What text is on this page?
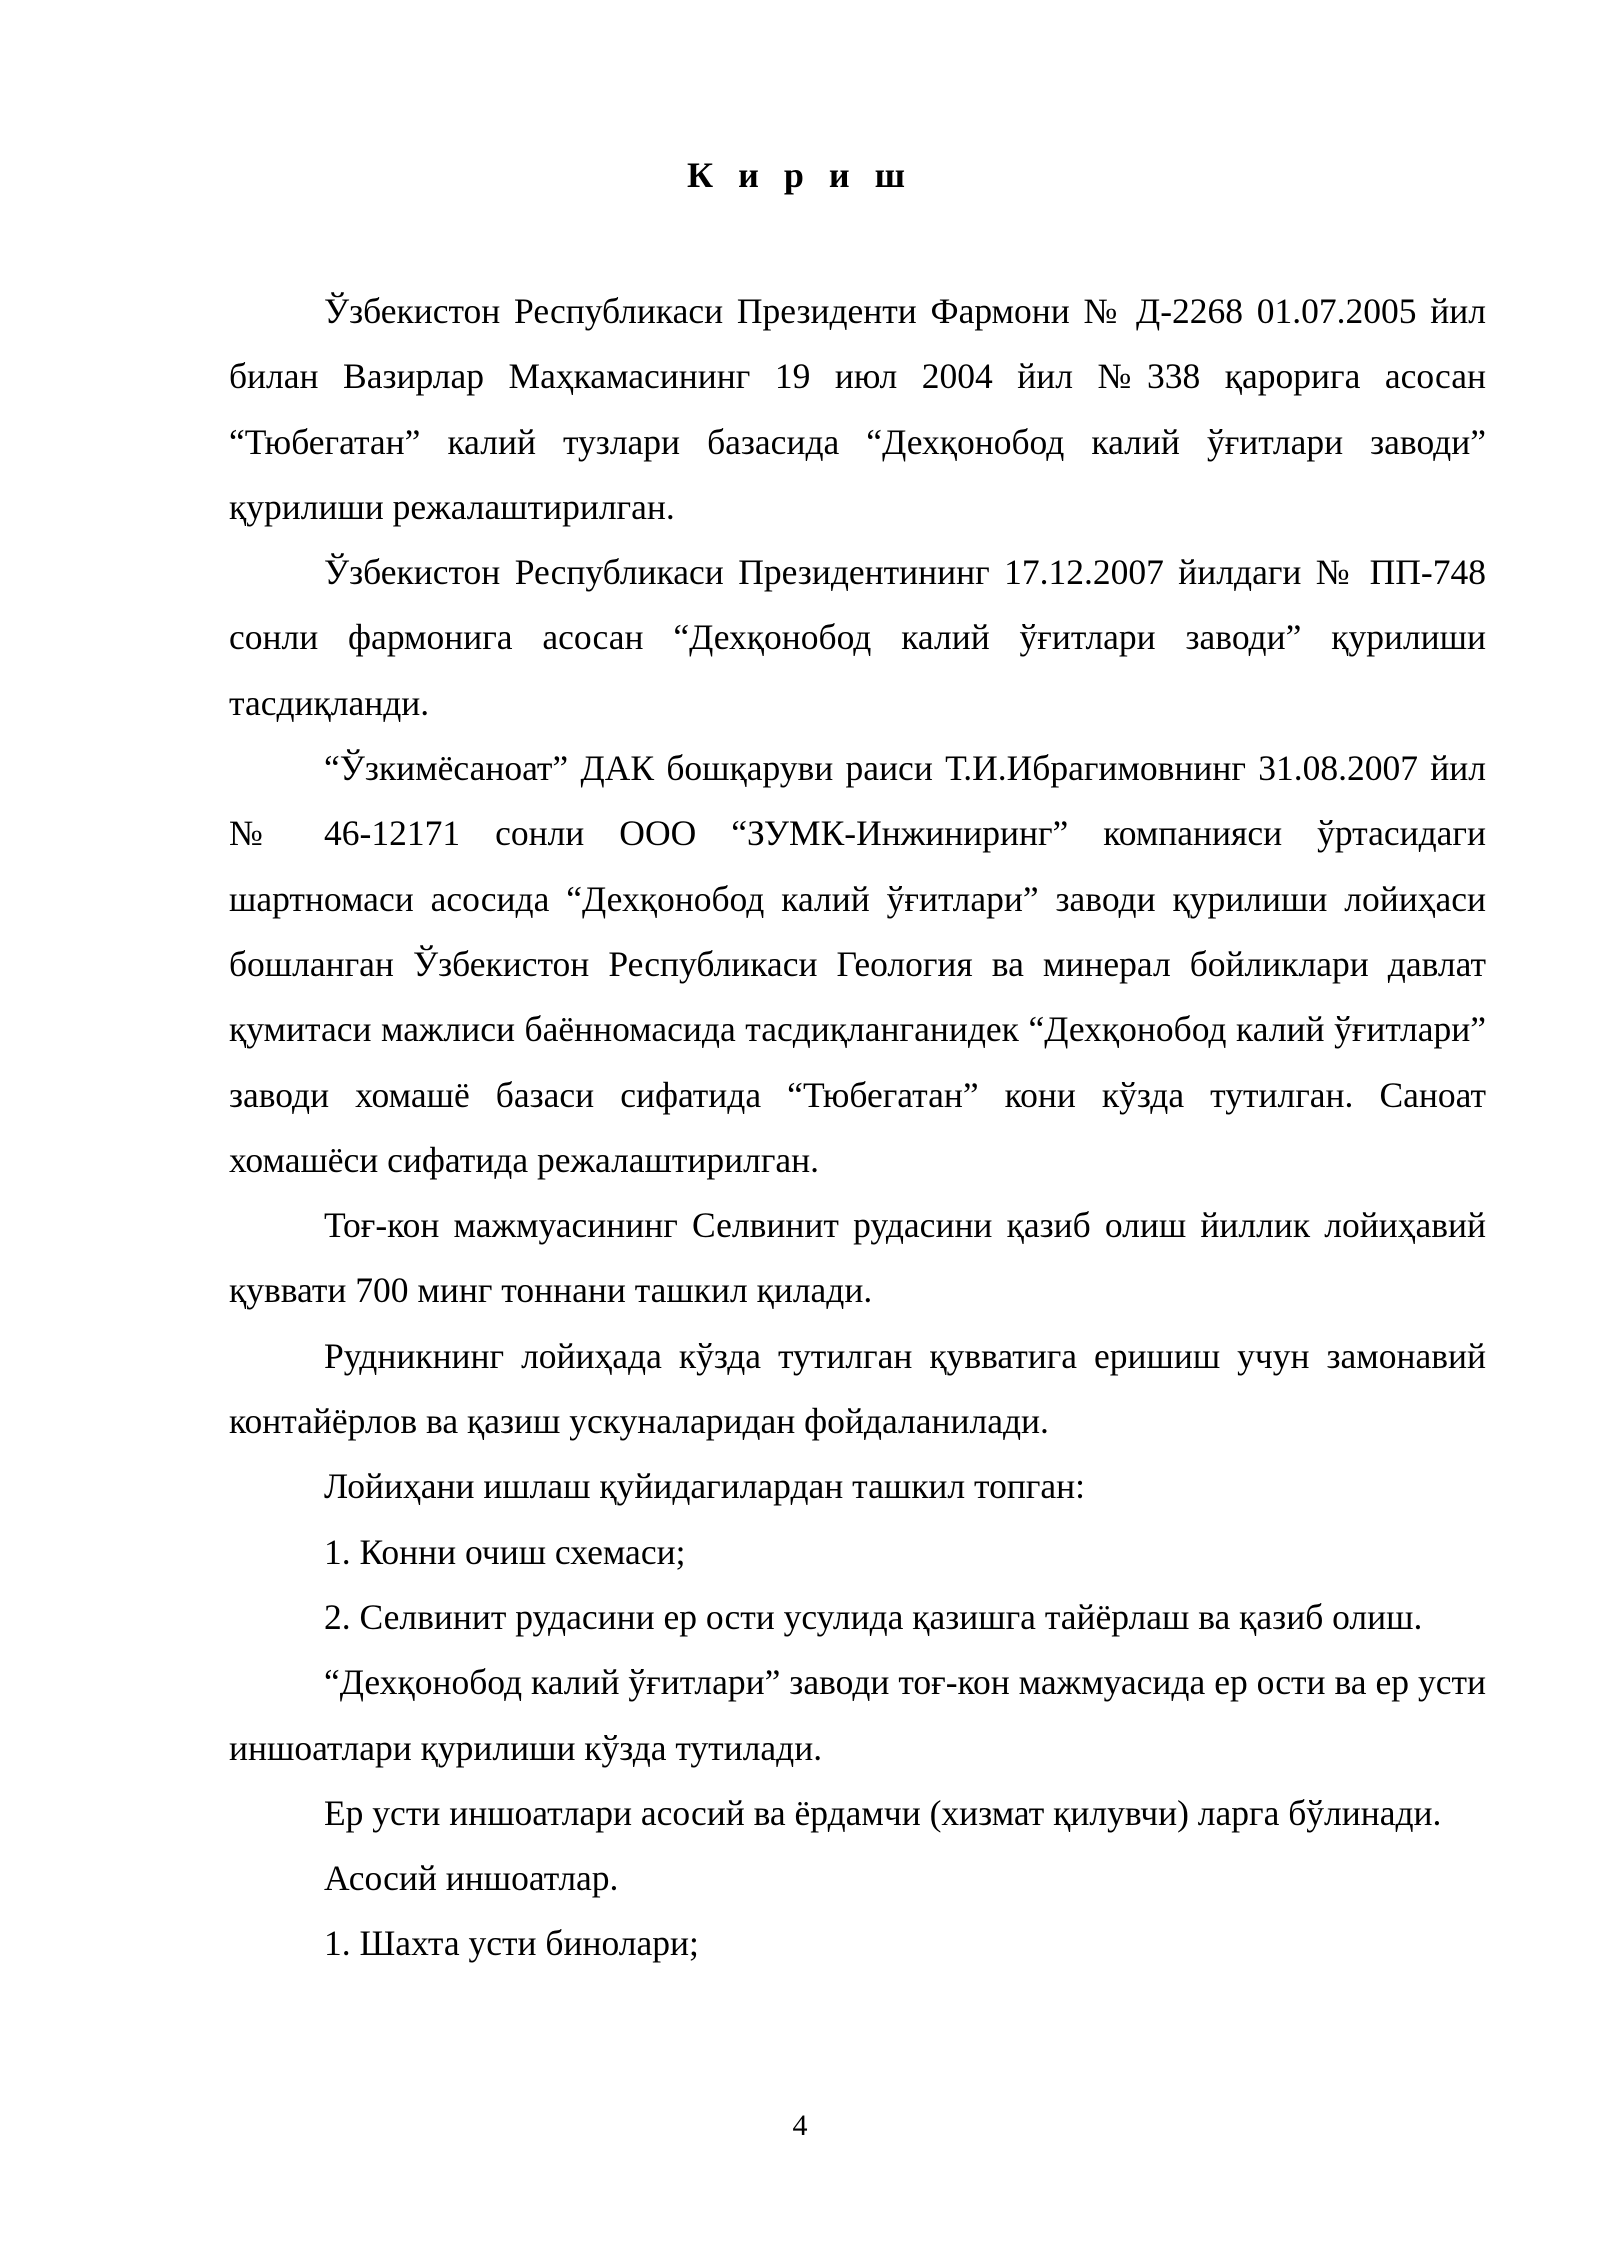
К и р и ш

Ўзбекистон Республикаси Президенти Фармони № Д-2268 01.07.2005 йил билан Вазирлар Маҳкамасининг 19 июл 2004 йил №338 қарорига асосан “Тюбегатан” калий тузлари базасида “Дехқонобод калий ўғитлари заводи” қурилиши режалаштирилган.

Ўзбекистон Республикаси Президентининг 17.12.2007 йилдаги № ПП-748 сонли фармонига асосан “Дехқонобод калий ўғитлари заводи” қурилиши тасдиқланди.

“Ўзкимёсаноат” ДАК бошқаруви раиси Т.И.Ибрагимовнинг 31.08.2007 йил № 46-12171 сонли ООО “ЗУМК-Инжиниринг” компанияси ўртасидаги шартномаси асосида “Дехқонобод калий ўғитлари” заводи қурилиши лойиҳаси бошланган Ўзбекистон Республикаси Геология ва минерал бойликлари давлат қумитаси мажлиси баённомасида тасдиқланганидек “Дехқонобод калий ўғитлари” заводи хомашё базаси сифатида “Тюбегатан” кони кўзда тутилган. Саноат хомашёси сифатида режалаштирилган.

Тоғ-кон мажмуасининг Селвинит рудасини қазиб олиш йиллик лойиҳавий қуввати 700 минг тоннани ташкил қилади.

Рудникнинг лойиҳада кўзда тутилган қувватига еришиш учун замонавий контайёрлов ва қазиш ускуналаридан фойдаланилади.

Лойиҳани ишлаш қуйидагилардан ташкил топган:

1. Конни очиш схемаси;

2. Селвинит рудасини ер ости усулида қазишга тайёрлаш ва қазиб олиш.

“Дехқонобод калий ўғитлари” заводи тоғ-кон мажмуасида ер ости ва ер усти иншоатлари қурилиши кўзда тутилади.

Ер усти иншоатлари асосий ва ёрдамчи (хизмат қилувчи) ларга бўлинади.

Асосий иншоатлар.

1. Шахта усти бинолари;

4
